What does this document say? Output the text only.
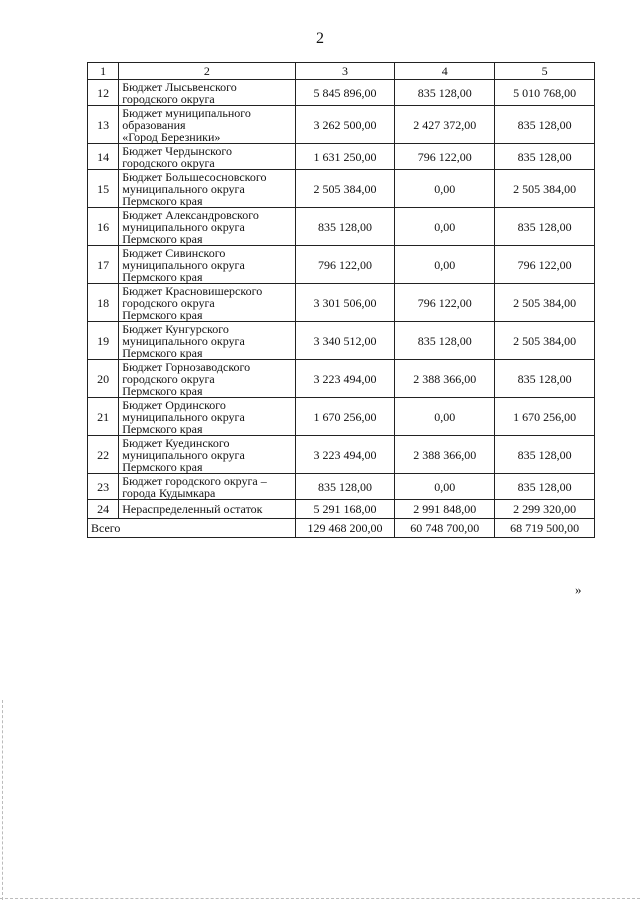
2
1	2	3	4	5
12	Бюджет Лысьвенского
городского округа	5 845 896,00	835 128,00	5 010 768,00
13	Бюджет муниципального
образования
«Город Березники»	3 262 500,00	2 427 372,00	835 128,00
14	Бюджет Чердынского
городского округа	1 631 250,00	796 122,00	835 128,00
15	Бюджет Большесосновского
муниципального округа
Пермского края	2 505 384,00	0,00	2 505 384,00
16	Бюджет Александровского
муниципального округа
Пермского края	835 128,00	0,00	835 128,00
17	Бюджет Сивинского
муниципального округа
Пермского края	796 122,00	0,00	796 122,00
18	Бюджет Красновишерского
городского округа
Пермского края	3 301 506,00	796 122,00	2 505 384,00
19	Бюджет Кунгурского
муниципального округа
Пермского края	3 340 512,00	835 128,00	2 505 384,00
20	Бюджет Горнозаводского
городского округа
Пермского края	3 223 494,00	2 388 366,00	835 128,00
21	Бюджет Ординского
муниципального округа
Пермского края	1 670 256,00	0,00	1 670 256,00
22	Бюджет Куединского
муниципального округа
Пермского края	3 223 494,00	2 388 366,00	835 128,00
23	Бюджет городского округа –
города Кудымкара	835 128,00	0,00	835 128,00
24	Нераспределенный остаток	5 291 168,00	2 991 848,00	2 299 320,00
Всего		129 468 200,00	60 748 700,00	68 719 500,00
»
